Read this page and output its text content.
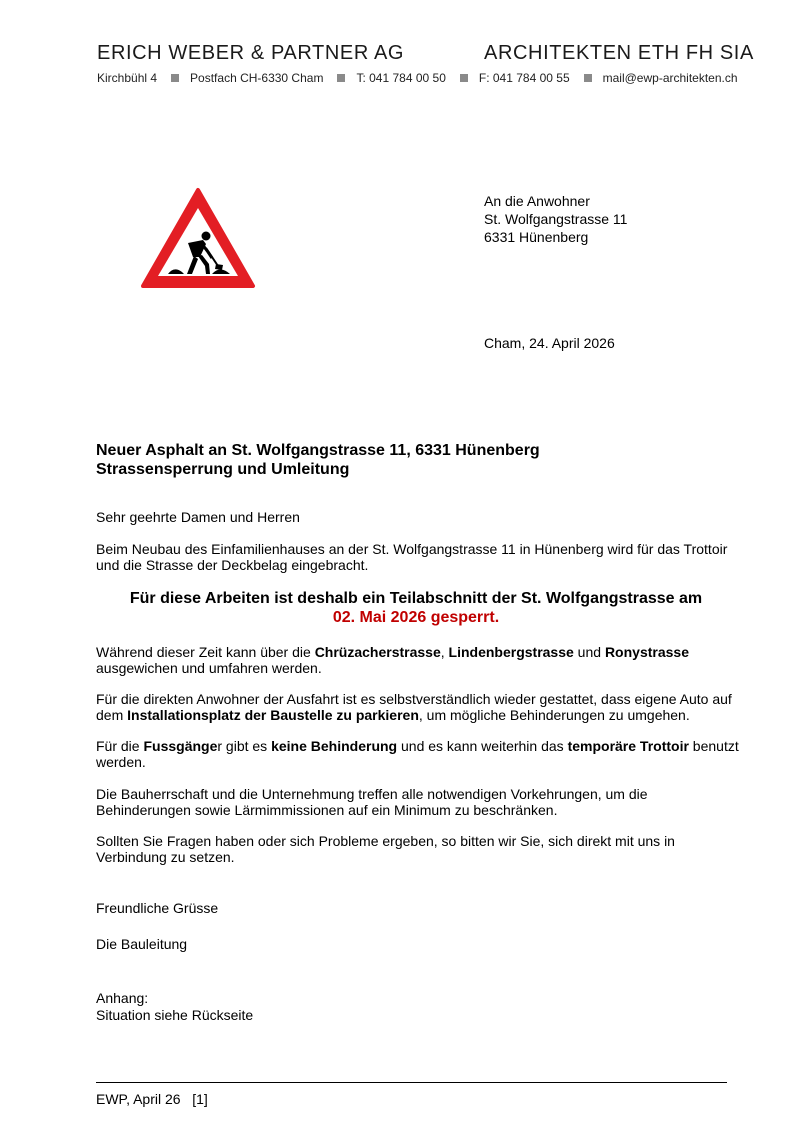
ERICH WEBER & PARTNER AG	ARCHITEKTEN ETH FH SIA
Kirchbühl 4	Postfach CH-6330 Cham	T: 041 784 00 50	F: 041 784 00 55	mail@ewp-architekten.ch
An die Anwohner
St. Wolfgangstrasse 11
6331 Hünenberg
Cham, 24. April 2026
Neuer Asphalt an St. Wolfgangstrasse 11, 6331 Hünenberg
Strassensperrung und Umleitung
Sehr geehrte Damen und Herren
Beim Neubau des Einfamilienhauses an der St. Wolfgangstrasse 11 in Hünenberg wird für das Trottoir und die Strasse der Deckbelag eingebracht.
Für diese Arbeiten ist deshalb ein Teilabschnitt der St. Wolfgangstrasse am
02. Mai 2026 gesperrt.
Während dieser Zeit kann über die Chrüzacherstrasse, Lindenbergstrasse und Ronystrasse ausgewichen und umfahren werden.
Für die direkten Anwohner der Ausfahrt ist es selbstverständlich wieder gestattet, dass eigene Auto auf dem Installationsplatz der Baustelle zu parkieren, um mögliche Behinderungen zu umgehen.
Für die Fussgänger gibt es keine Behinderung und es kann weiterhin das temporäre Trottoir benutzt werden.
Die Bauherrschaft und die Unternehmung treffen alle notwendigen Vorkehrungen, um die Behinderungen sowie Lärmimmissionen auf ein Minimum zu beschränken.
Sollten Sie Fragen haben oder sich Probleme ergeben, so bitten wir Sie, sich direkt mit uns in Verbindung zu setzen.
Freundliche Grüsse
Die Bauleitung
Anhang:
Situation siehe Rückseite
EWP, April 26   [1]
